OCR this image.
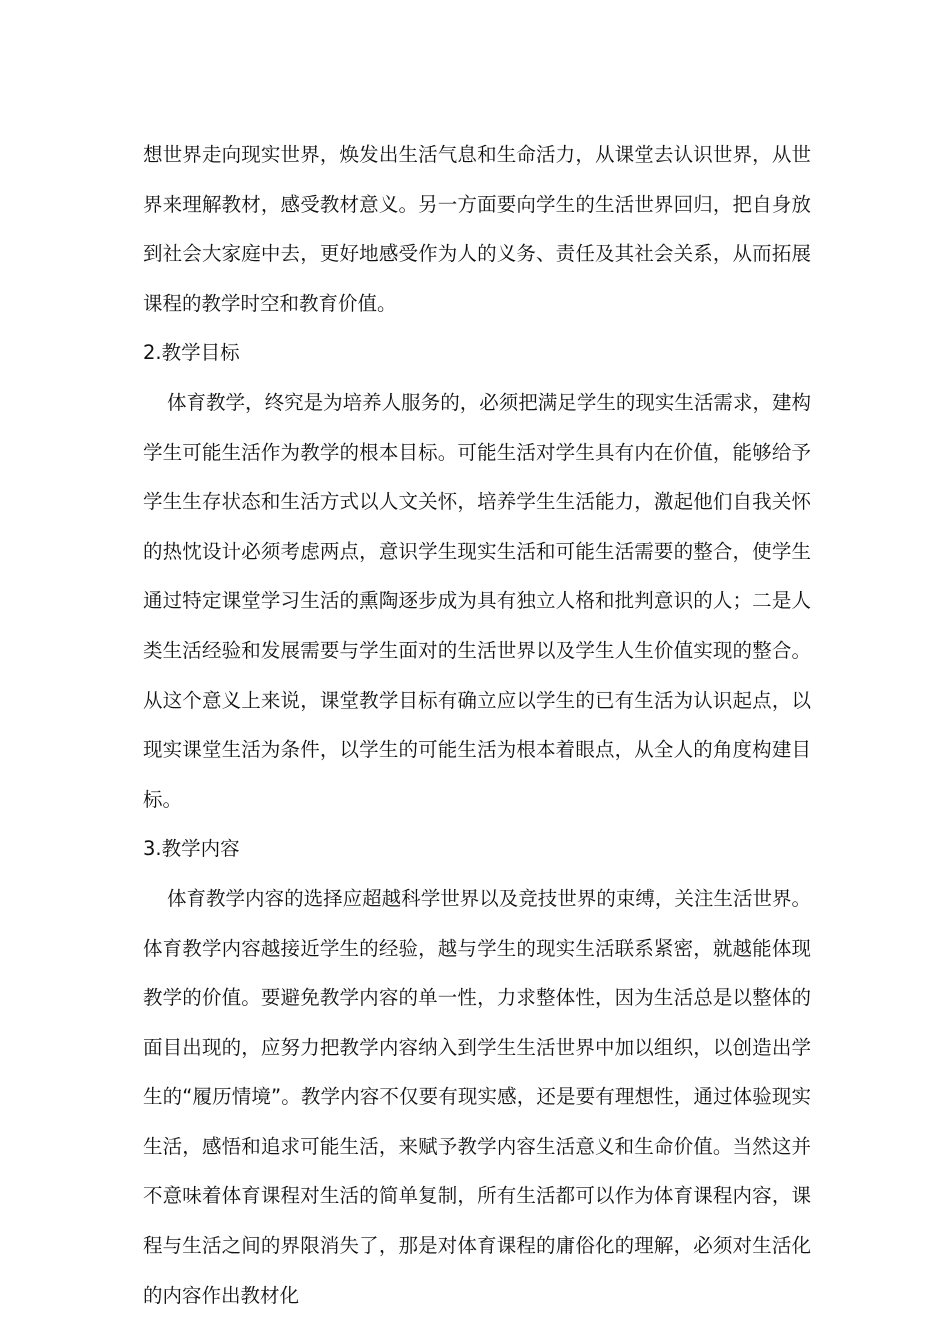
想世界走向现实世界，焕发出生活气息和生命活力，从课堂去认识世界，从世界来理解教材，感受教材意义。另一方面要向学生的生活世界回归，把自身放到社会大家庭中去，更好地感受作为人的义务、责任及其社会关系，从而拓展课程的教学时空和教育价值。

2.教学目标

体育教学，终究是为培养人服务的，必须把满足学生的现实生活需求，建构学生可能生活作为教学的根本目标。可能生活对学生具有内在价值，能够给予学生生存状态和生活方式以人文关怀，培养学生生活能力，激起他们自我关怀的热忱设计必须考虑两点，意识学生现实生活和可能生活需要的整合，使学生通过特定课堂学习生活的熏陶逐步成为具有独立人格和批判意识的人；二是人类生活经验和发展需要与学生面对的生活世界以及学生人生价值实现的整合。从这个意义上来说，课堂教学目标有确立应以学生的已有生活为认识起点，以现实课堂生活为条件，以学生的可能生活为根本着眼点，从全人的角度构建目标。

3.教学内容

体育教学内容的选择应超越科学世界以及竞技世界的束缚，关注生活世界。体育教学内容越接近学生的经验，越与学生的现实生活联系紧密，就越能体现教学的价值。要避免教学内容的单一性，力求整体性，因为生活总是以整体的面目出现的，应努力把教学内容纳入到学生生活世界中加以组织，以创造出学生的“履历情境”。教学内容不仅要有现实感，还是要有理想性，通过体验现实生活，感悟和追求可能生活，来赋予教学内容生活意义和生命价值。当然这并不意味着体育课程对生活的简单复制，所有生活都可以作为体育课程内容，课程与生活之间的界限消失了，那是对体育课程的庸俗化的理解，必须对生活化的内容作出教材化
